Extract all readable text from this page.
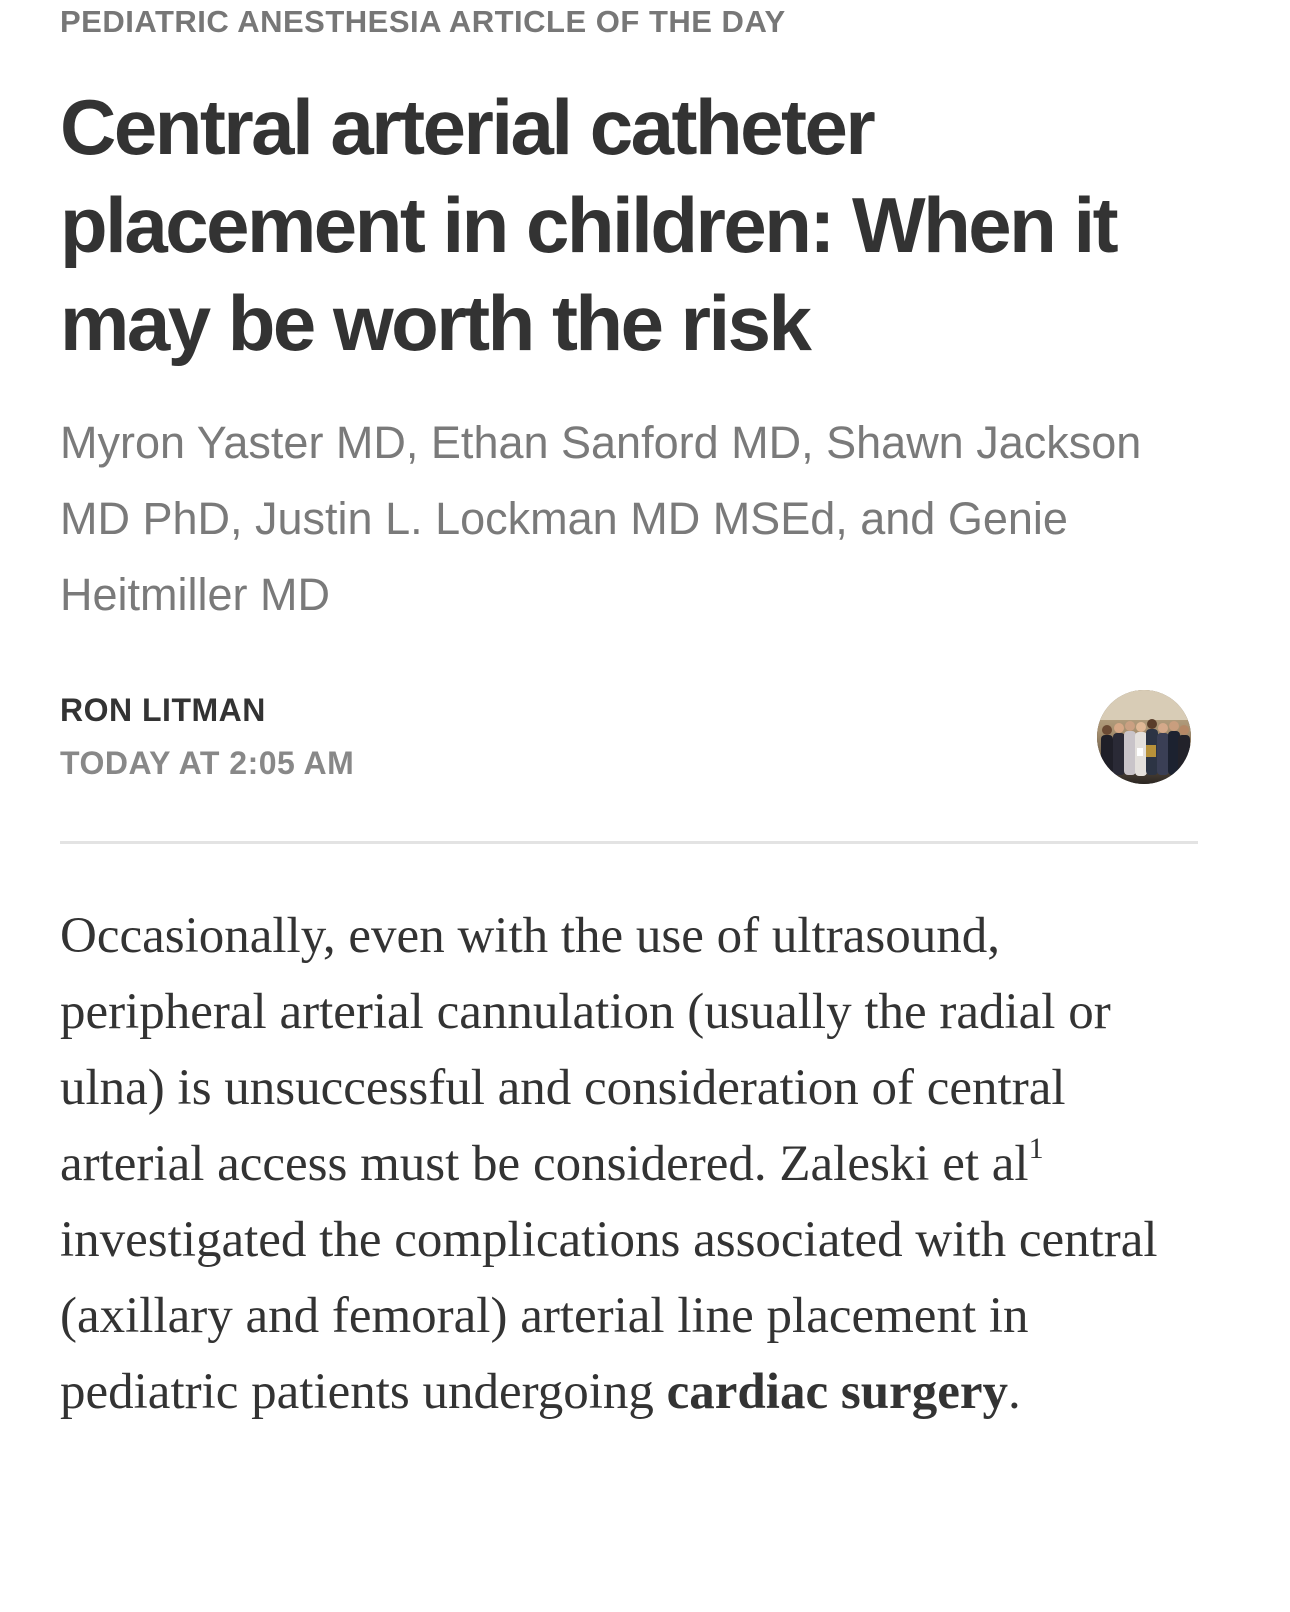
PEDIATRIC ANESTHESIA ARTICLE OF THE DAY
Central arterial catheter placement in children: When it may be worth the risk
Myron Yaster MD, Ethan Sanford MD, Shawn Jackson MD PhD, Justin L. Lockman MD MSEd, and Genie Heitmiller MD
RON LITMAN
TODAY AT 2:05 AM

Occasionally, even with the use of ultrasound, peripheral arterial cannulation (usually the radial or ulna) is unsuccessful and consideration of central arterial access must be considered. Zaleski et $al^1$ investigated the complications associated with central (axillary and femoral) arterial line placement in pediatric patients undergoing cardiac surgery.
